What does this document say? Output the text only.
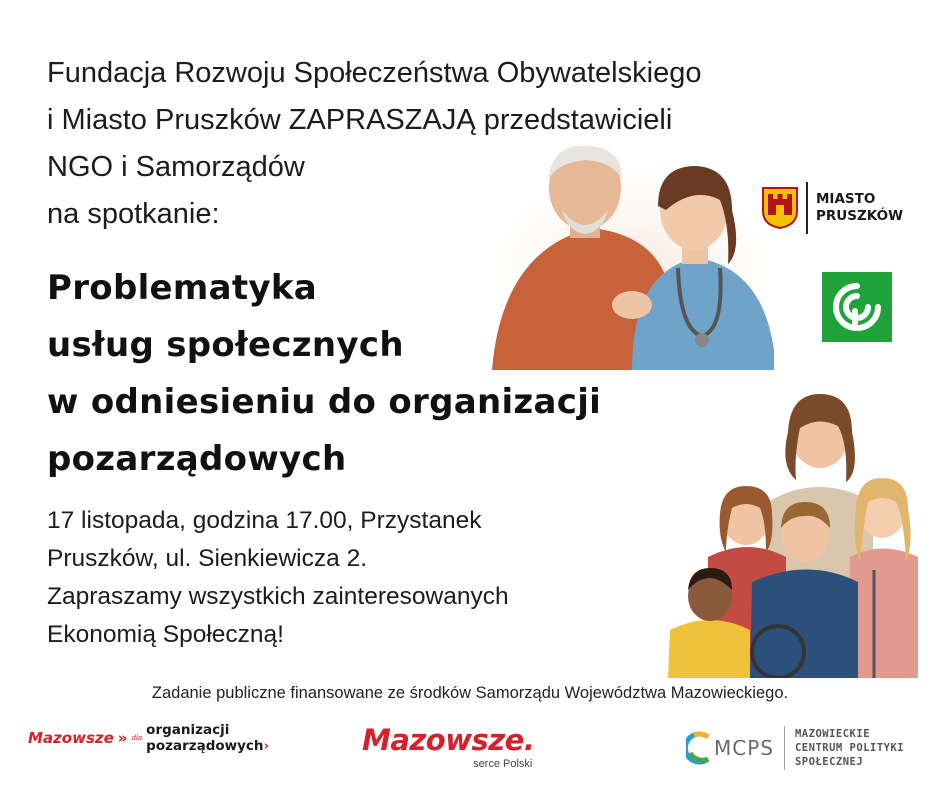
Fundacja Rozwoju Społeczeństwa Obywatelskiego
i Miasto Pruszków ZAPRASZAJĄ przedstawicieli
NGO i Samorządów
na spotkanie:
Problematyka
usług społecznych
w odniesieniu do organizacji
pozarządowych
17 listopada, godzina 17.00, Przystanek
Pruszków, ul. Sienkiewicza 2.
Zapraszamy wszystkich zainteresowanych
Ekonomią Społeczną!
MIASTO
PRUSZKÓW
Zadanie publiczne finansowane ze środków Samorządu Województwa Mazowieckiego.
Mazowsze » dla organizacji
pozarządowych›	Mazowsze.
serce Polski
MCPS
MAZOWIECKIE
CENTRUM POLITYKI
SPOŁECZNEJ
